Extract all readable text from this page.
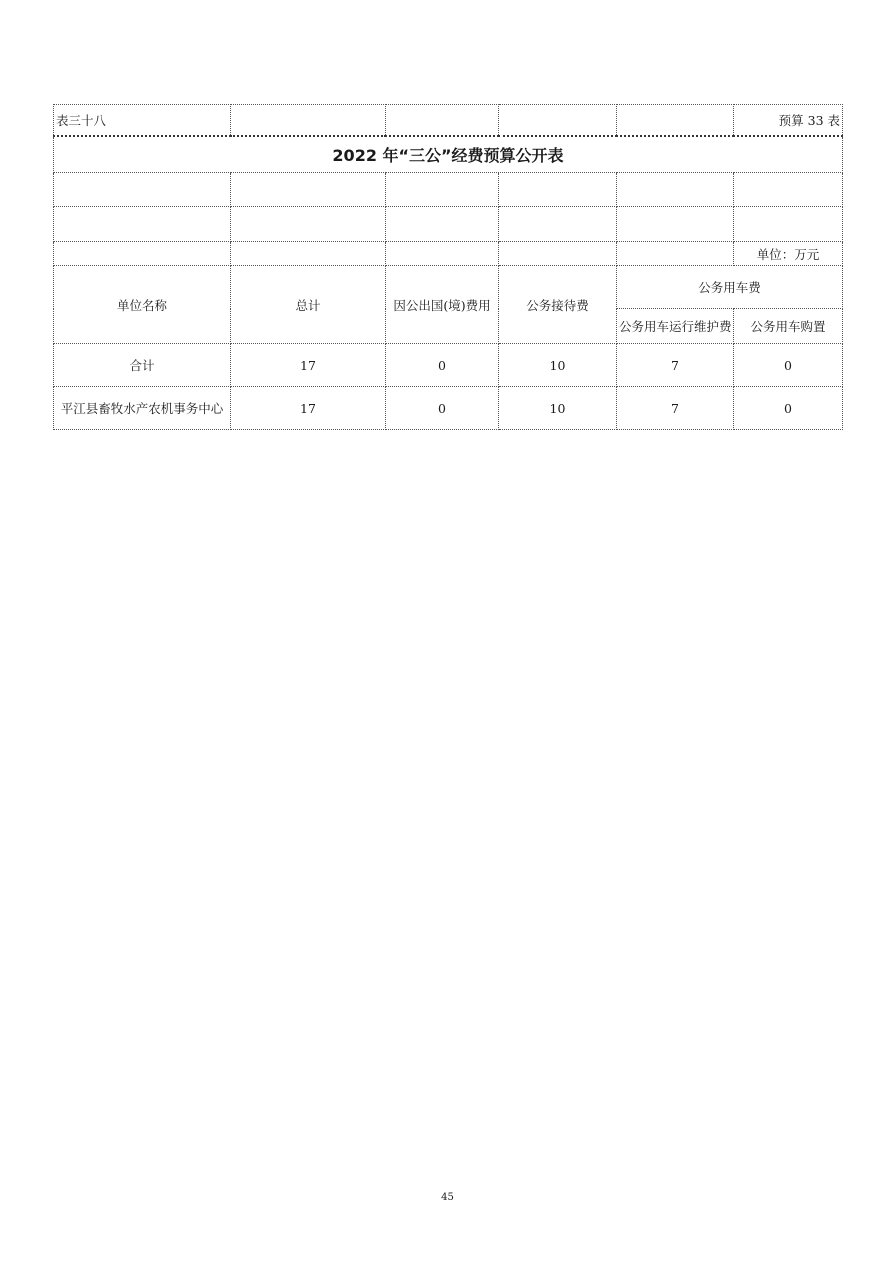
表三十八					预算 33 表
2022 年“三公”经费预算公开表					

					单位：万元
单位名称	总计	因公出国(境)费用	公务接待费	公务用车费	
				公务用车运行维护费	公务用车购置
合计	17	0	10	7	0
平江县畜牧水产农机事务中心	17	0	10	7	0
45
